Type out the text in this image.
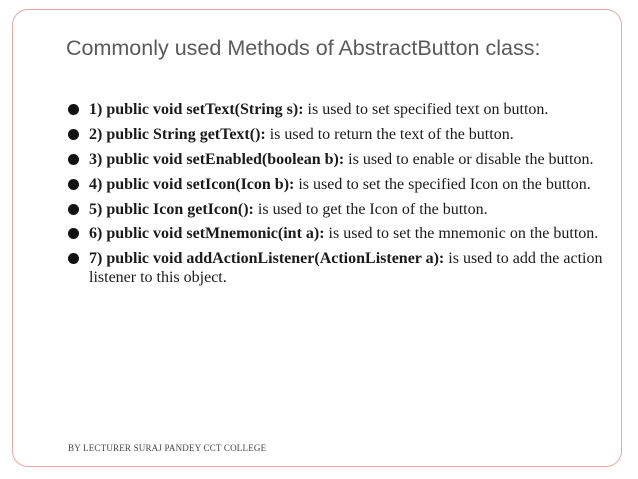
Commonly used Methods of AbstractButton class:
1) public void setText(String s): is used to set specified text on button.
2) public String getText(): is used to return the text of the button.
3) public void setEnabled(boolean b): is used to enable or disable the button.
4) public void setIcon(Icon b): is used to set the specified Icon on the button.
5) public Icon getIcon(): is used to get the Icon of the button.
6) public void setMnemonic(int a): is used to set the mnemonic on the button.
7) public void addActionListener(ActionListener a): is used to add the action listener to this object.
BY LECTURER SURAJ PANDEY CCT COLLEGE
